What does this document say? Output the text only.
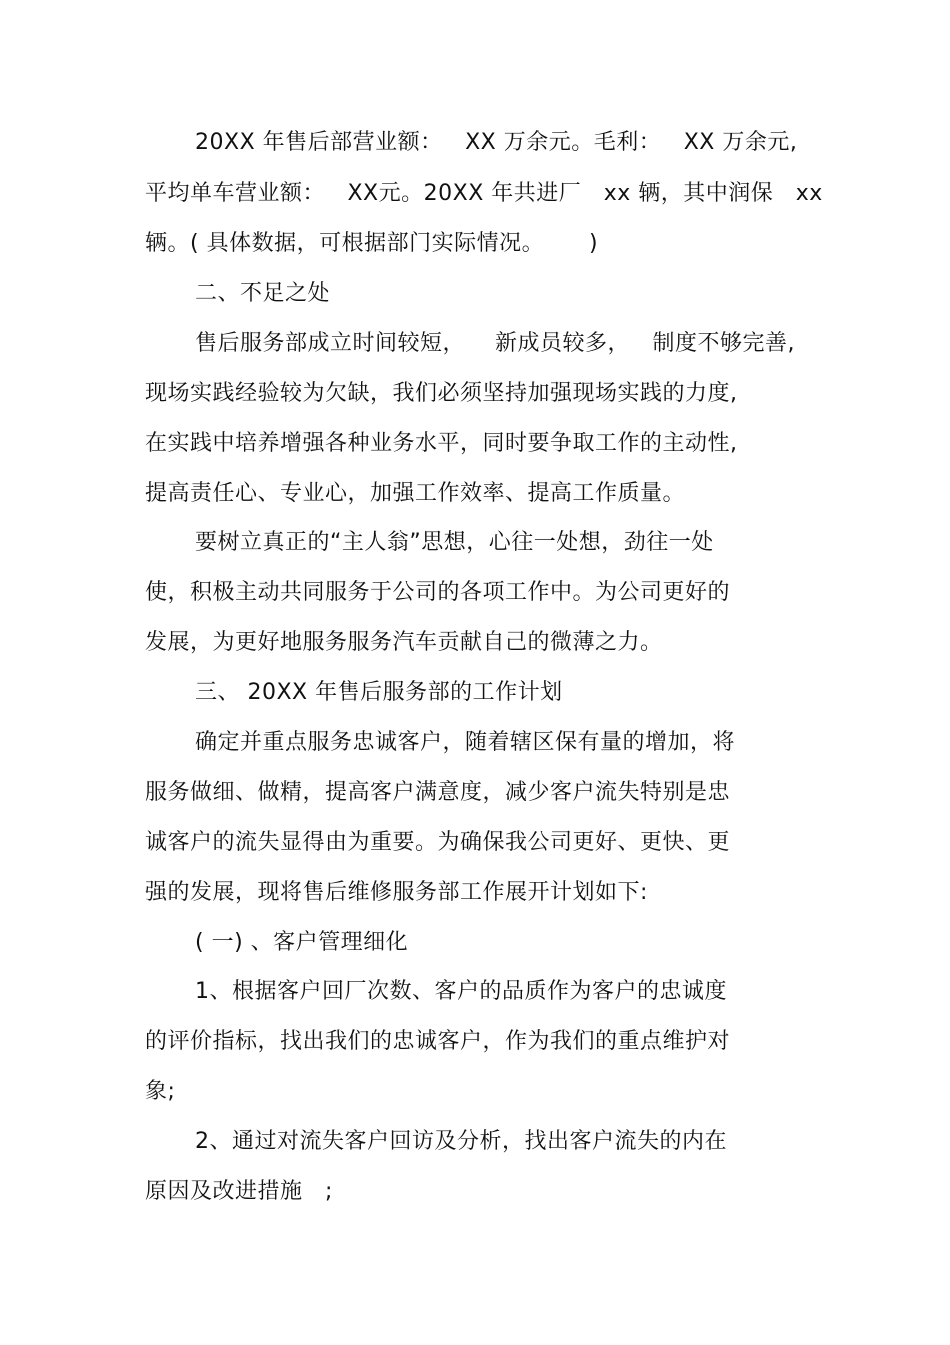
20XX 年售后部营业额：   XX 万余元。毛利：   XX 万余元,
平均单车营业额：   XX元。20XX 年共进厂   xx 辆，其中润保   xx
辆。( 具体数据，可根据部门实际情况。      )
二、不足之处
售后服务部成立时间较短，    新成员较多，   制度不够完善,
现场实践经验较为欠缺，我们必须坚持加强现场实践的力度,
在实践中培养增强各种业务水平，同时要争取工作的主动性,
提高责任心、专业心，加强工作效率、提高工作质量。
要树立真正的“主人翁”思想，心往一处想，劲往一处
使，积极主动共同服务于公司的各项工作中。为公司更好的
发展，为更好地服务服务汽车贡献自己的微薄之力。
三、 20XX 年售后服务部的工作计划
确定并重点服务忠诚客户，随着辖区保有量的增加，将
服务做细、做精，提高客户满意度，减少客户流失特别是忠
诚客户的流失显得由为重要。为确保我公司更好、更快、更
强的发展，现将售后维修服务部工作展开计划如下:
( 一) 、客户管理细化
1、根据客户回厂次数、客户的品质作为客户的忠诚度
的评价指标，找出我们的忠诚客户，作为我们的重点维护对
象;
2、通过对流失客户回访及分析，找出客户流失的内在
原因及改进措施   ;
